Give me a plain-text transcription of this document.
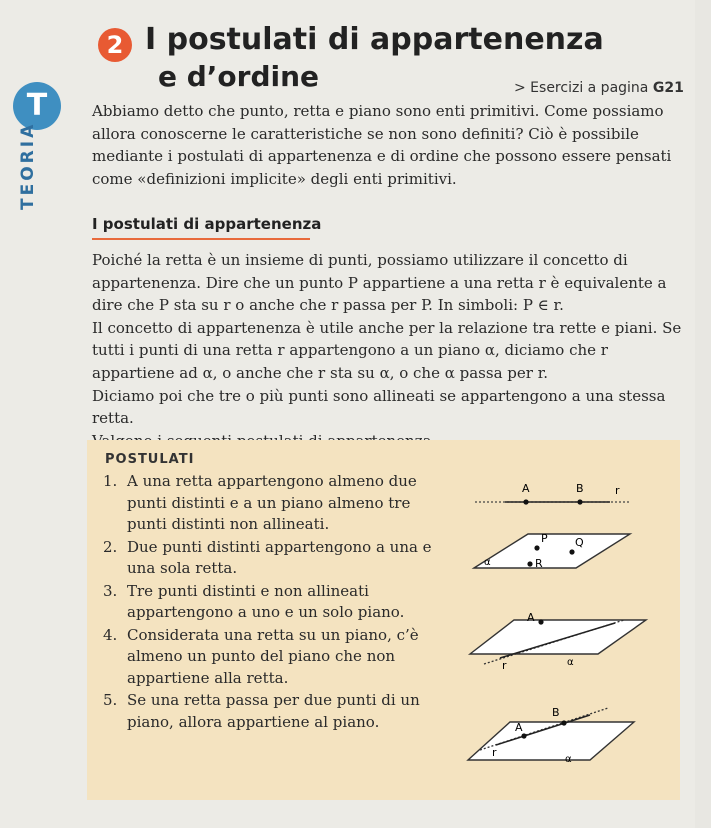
2 I postulati di appartenenza
e d’ordine	> Esercizi a pagina G21
T
TEORIA
Abbiamo detto che punto, retta e piano sono enti primitivi. Come possiamo allora conoscerne le caratteristiche se non sono definiti? Ciò è possibile mediante i postulati di appartenenza e di ordine che possono essere pensati come «definizioni implicite» degli enti primitivi.
I postulati di appartenenza

Poiché la retta è un insieme di punti, possiamo utilizzare il concetto di appartenenza. Dire che un punto P appartiene a una retta r è equivalente a dire che P sta su r o anche che r passa per P. In simboli: P ∈ r.

Il concetto di appartenenza è utile anche per la relazione tra rette e piani. Se tutti i punti di una retta r appartengono a un piano α, diciamo che r appartiene ad α, o anche che r sta su α, o che α passa per r.

Diciamo poi che tre o più punti sono allineati se appartengono a una stessa retta.

POSTULATI
1. A una retta appartengono almeno due punti distinti e a un piano almeno tre punti distinti non allineati.
2. Due punti distinti appartengono a una e una sola retta.
3. Tre punti distinti e non allineati appartengono a uno e un solo piano.
4. Considerata una retta su un piano, c’è almeno un punto del piano che non appartiene alla retta.
5. Se una retta passa per due punti di un piano, allora appartiene al piano.
A	B	r
P Q
R
α
A
r	α
A
B
r
α
